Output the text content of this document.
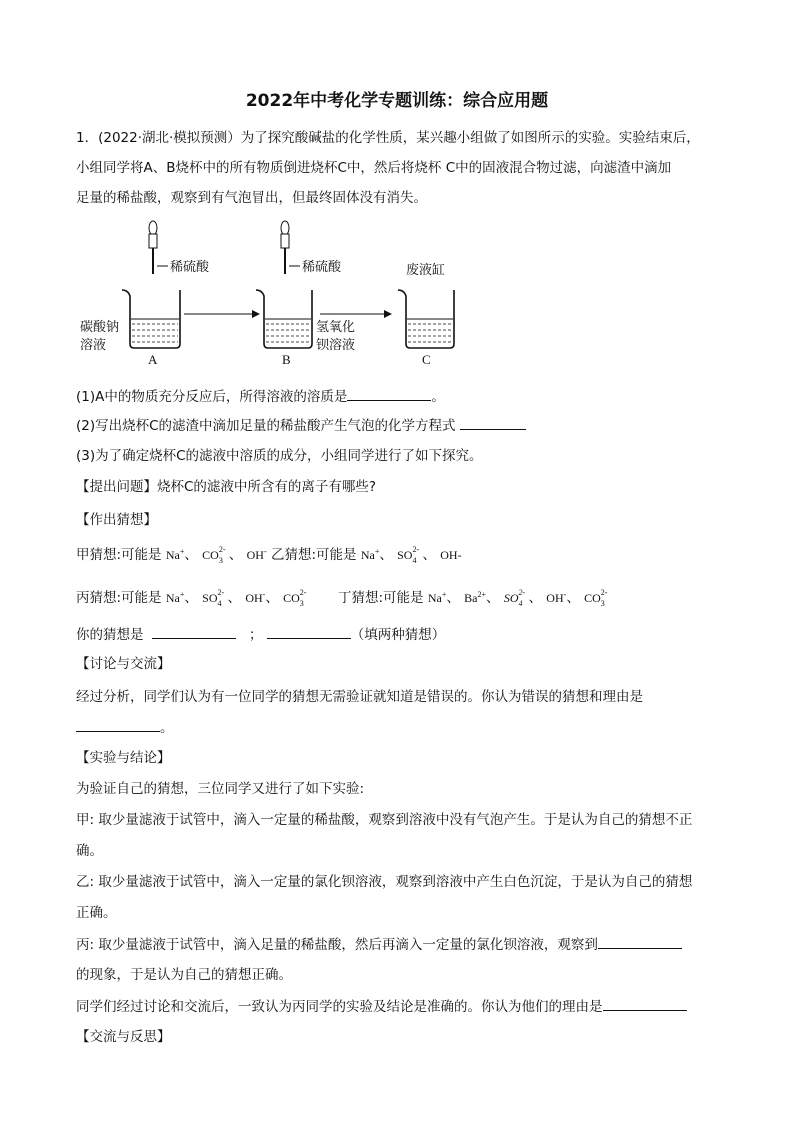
2022年中考化学专题训练：综合应用题
1．(2022·湖北·模拟预测）为了探究酸碱盐的化学性质，某兴趣小组做了如图所示的实验。实验结束后，
小组同学将A、B烧杯中的所有物质倒进烧杯C中，然后将烧杯 C中的固液混合物过滤，向滤渣中滴加
足量的稀盐酸，观察到有气泡冒出，但最终固体没有消失。
稀硫酸
碳酸钠
溶液
A
稀硫酸
氢氧化
钡溶液
B
废液缸
C
(1)A中的物质充分反应后，所得溶液的溶质是	。
(2)写出烧杯C的滤渣中滴加足量的稀盐酸产生气泡的化学方程式
(3)为了确定烧杯C的滤液中溶质的成分，小组同学进行了如下探究。
【提出问题】烧杯C的滤液中所含有的离子有哪些?
【作出猜想】
甲猜想:可能是 Na+、 CO 2-
3 、 OH- 乙猜想:可能是 Na+、 SO 2-
4 、 OH-
丙猜想:可能是 Na+、 SO 2-
4 、 OH-、 CO 2-
3	丁猜想:可能是 Na+、 $Ba^{2+}$、 SO 2-
4 、 OH-、 CO 2-
3
你的猜想是	；	（填两种猜想）
【讨论与交流】
经过分析，同学们认为有一位同学的猜想无需验证就知道是错误的。你认为错误的猜想和理由是
。
【实验与结论】
为验证自己的猜想，三位同学又进行了如下实验:
甲: 取少量滤液于试管中，滴入一定量的稀盐酸，观察到溶液中没有气泡产生。于是认为自己的猜想不正
确。
乙: 取少量滤液于试管中，滴入一定量的氯化钡溶液，观察到溶液中产生白色沉淀，于是认为自己的猜想
正确。
丙: 取少量滤液于试管中，滴入足量的稀盐酸，然后再滴入一定量的氯化钡溶液，观察到
的现象，于是认为自己的猜想正确。
同学们经过讨论和交流后，一致认为丙同学的实验及结论是准确的。你认为他们的理由是
【交流与反思】
